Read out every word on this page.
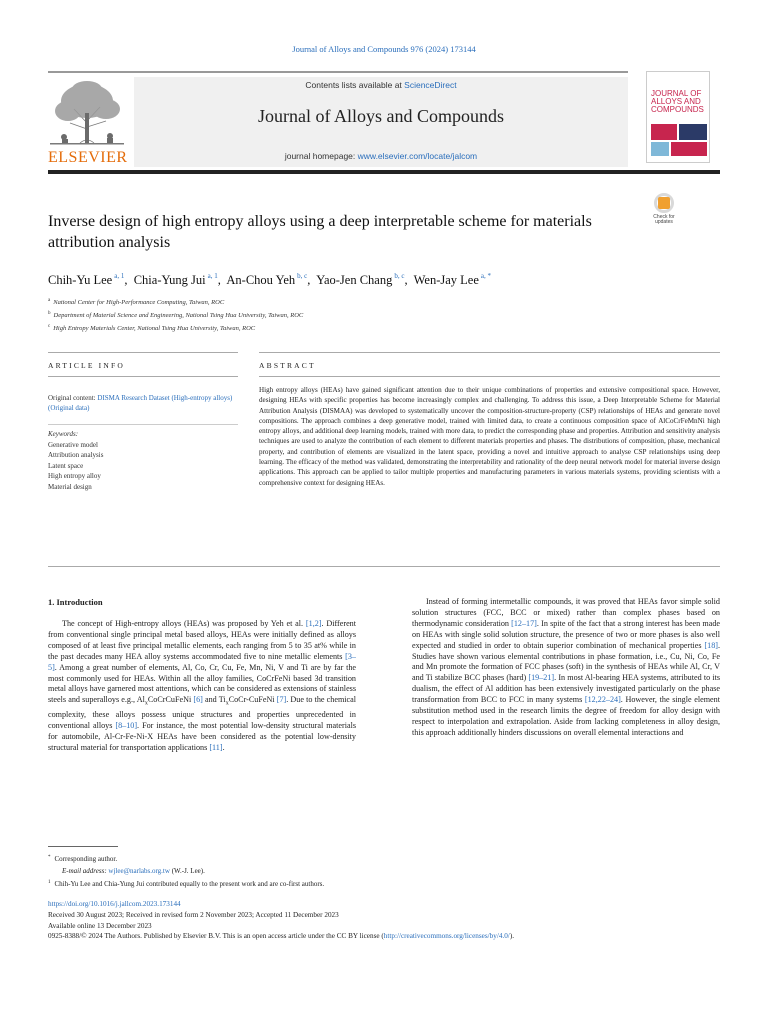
Journal of Alloys and Compounds 976 (2024) 173144
ELSEVIER
Contents lists available at ScienceDirect
Journal of Alloys and Compounds
journal homepage: www.elsevier.com/locate/jalcom
JOURNAL OF ALLOYS AND COMPOUNDS
Check for updates
Inverse design of high entropy alloys using a deep interpretable scheme for materials attribution analysis
Chih-Yu Lee $^{a, 1}$,  Chia-Yung Jui $^{a, 1}$,  An-Chou Yeh $^{b, c}$,  Yao-Jen Chang $^{b, c}$,  Wen-Jay Lee $^{a, *}$
$^a$ National Center for High-Performance Computing, Taiwan, ROC
$^b$ Department of Material Science and Engineering, National Tsing Hua University, Taiwan, ROC
$^c$ High Entropy Materials Center, National Tsing Hua University, Taiwan, ROC
ARTICLE INFO	ABSTRACT
Original content: DISMA Research Dataset (High-entropy alloys) (Original data)
Keywords:
Generative model
Attribution analysis
Latent space
High entropy alloy
Material design
High entropy alloys (HEAs) have gained significant attention due to their unique combinations of properties and extensive compositional space. However, designing HEAs with specific properties has become increasingly complex and challenging. To address this issue, a Deep Interpretable Scheme for Material Attribution Analysis (DISMAA) was developed to systematically uncover the composition-structure-property (CSP) relationships of HEAs and generate novel compositions. The approach combines a deep generative model, trained with limited data, to create a continuous composition space of AlCoCrFeMnNi high entropy alloys, and additional deep learning models, trained with more data, to predict the corresponding phase and properties. Attribution and sensitivity analysis techniques are used to analyze the contribution of each element to different materials properties and phases. The distributions of composition, phase, mechanical property, and contribution of elements are visualized in the latent space, providing a novel and intuitive approach to analyse CSP relationships using deep learning. The efficacy of the method was validated, demonstrating the interpretability and rationality of the deep neural network model for material inverse design applications. This approach can be applied to tailor multiple properties and manufacturing parameters in various materials systems, providing scientists with a comprehensive context for designing HEAs.
1. Introduction

The concept of High-entropy alloys (HEAs) was proposed by Yeh et al. [1,2]. Different from conventional single principal metal based alloys, HEAs were initially defined as alloys composed of at least five principal metallic elements, each ranging from 5 to 35 at% while in the past decades many HEA alloy systems accommodated five to nine metallic elements [3–5]. Among a great number of elements, Al, Co, Cr, Cu, Fe, Mn, Ni, V and Ti are by far the most commonly used for HEAs. Within all the alloy families, CoCrFeNi based 3d transition metal alloys have garnered most attentions, which can be considered as extensions of stainless steels and superalloys e.g., $Al_xCoCrCuFeNi$ [6] and $Ti_xCoCr$-CuFeNi [7]. Due to the chemical complexity, these alloys possess unique structures and properties unprecedented in conventional alloys [8–10]. For instance, the most potential low-density structural materials for automobile, Al-Cr-Fe-Ni-X HEAs have been considered as the potential low-density structural material for transportation applications [11].

Instead of forming intermetallic compounds, it was proved that HEAs favor simple solid solution structures (FCC, BCC or mixed) rather than complex phases based on thermodynamic consideration [12–17]. In spite of the fact that a strong interest has been made on HEAs with single solid solution structure, the presence of two or more phases is also well expected and studied in order to obtain superior combination of mechanical properties [18]. Studies have shown various elemental contributions in phase formation, i.e., Cu, Ni, Co, Fe and Mn promote the formation of FCC phases (soft) in the synthesis of HEAs while Al, Cr, V and Ti stabilize BCC phases (hard) [19–21]. In most Al-bearing HEA systems, attributed to its dualism, the effect of Al addition has been extensively investigated particularly on the phase transformation from BCC to FCC in many systems [12,22–24]. However, the single element substitution method used in the research limits the degree of freedom for alloy design with respect to interpolation and extrapolation. Aside from lacking completeness in alloy design, this approach additionally hinders discussions on overall elemental interactions and

* Corresponding author.
E-mail address: wjlee@narlabs.org.tw (W.-J. Lee).
$^1$ Chih-Yu Lee and Chia-Yung Jui contributed equally to the present work and are co-first authors.
https://doi.org/10.1016/j.jallcom.2023.173144
Received 30 August 2023; Received in revised form 2 November 2023; Accepted 11 December 2023
Available online 13 December 2023
0925-8388/© 2024 The Authors. Published by Elsevier B.V. This is an open access article under the CC BY license (http://creativecommons.org/licenses/by/4.0/).
